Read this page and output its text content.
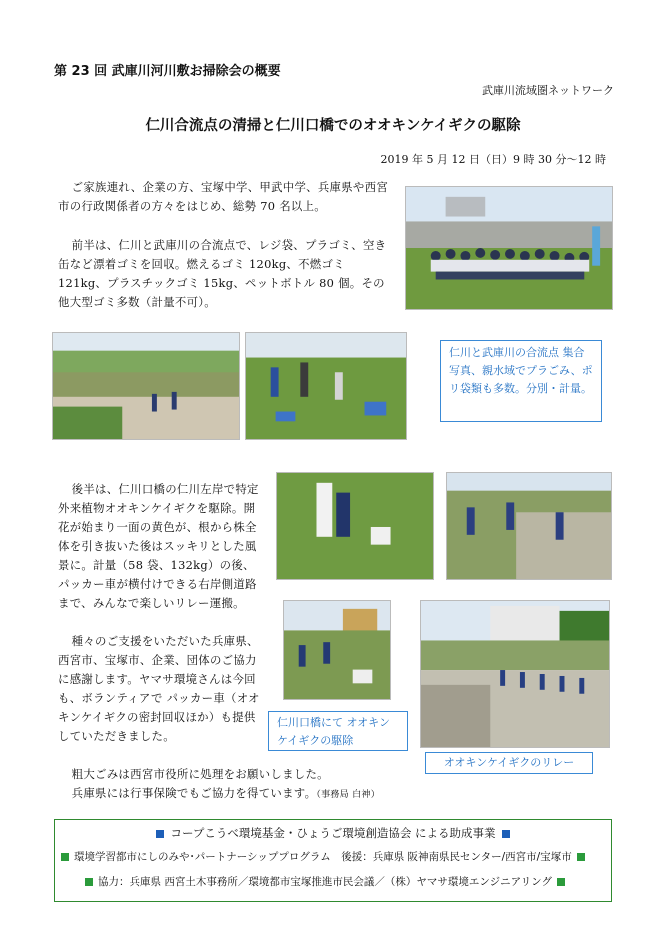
第 23 回 武庫川河川敷お掃除会の概要
武庫川流域圏ネットワーク
仁川合流点の清掃と仁川口橋でのオオキンケイギクの駆除
2019 年 5 月 12 日（日）9 時 30 分～12 時
ご家族連れ、企業の方、宝塚中学、甲武中学、兵庫県や西宮市の行政関係者の方々をはじめ、総勢 70 名以上。
前半は、仁川と武庫川の合流点で、レジ袋、プラゴミ、空き缶など漂着ゴミを回収。燃えるゴミ 120kg、不燃ゴミ 121kg、プラスチックゴミ 15kg、ペットボトル 80 個。その他大型ゴミ多数（計量不可）。
仁川と武庫川の合流点 集合写真、親水域でプラごみ、ポリ袋類も多数。分別・計量。
後半は、仁川口橋の仁川左岸で特定外来植物オオキンケイギクを駆除。開花が始まり一面の黄色が、根から株全体を引き抜いた後はスッキリとした風景に。計量（58 袋、132kg）の後、パッカー車が横付けできる右岸側道路まで、みんなで楽しいリレー運搬。
種々のご支援をいただいた兵庫県、西宮市、宝塚市、企業、団体のご協力に感謝します。ヤマサ環境さんは今回も、ボランティアで パッカー車（オオキンケイギクの密封回収ほか）も提供していただきました。
仁川口橋にて オオキンケイギクの駆除
オオキンケイギクのリレー
粗大ごみは西宮市役所に処理をお願いしました。
兵庫県には行事保険でもご協力を得ています。（事務局 白神）
コープこうべ環境基金・ひょうご環境創造協会 による助成事業
環境学習都市にしのみや･パートナーシッププログラム　後援：兵庫県 阪神南県民センター/西宮市/宝塚市
協力：兵庫県 西宮土木事務所／環境都市宝塚推進市民会議／（株）ヤマサ環境エンジニアリング
